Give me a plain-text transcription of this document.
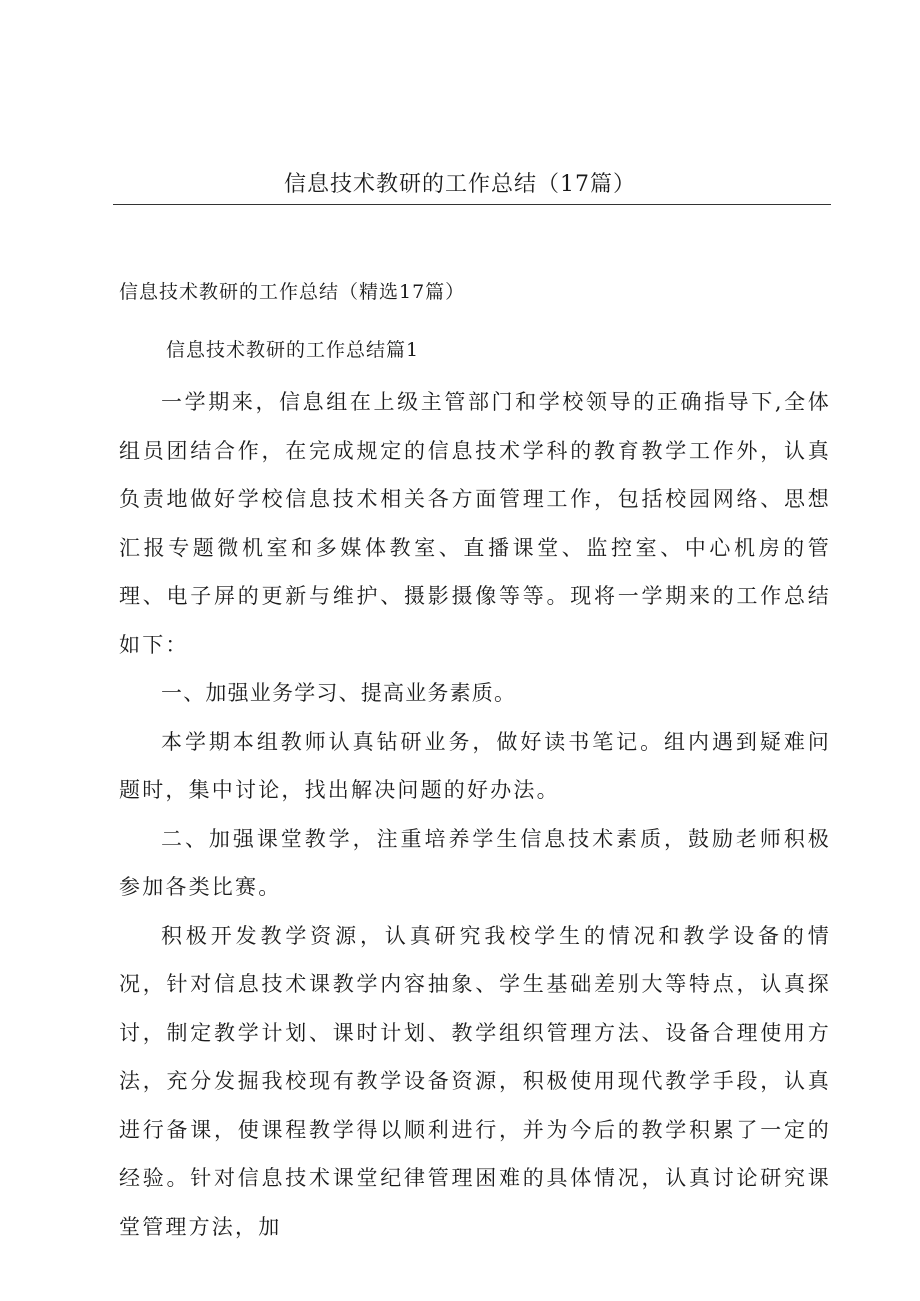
信息技术教研的工作总结（17篇）
信息技术教研的工作总结（精选17篇）
信息技术教研的工作总结篇1

一学期来，信息组在上级主管部门和学校领导的正确指导下,全体组员团结合作，在完成规定的信息技术学科的教育教学工作外，认真负责地做好学校信息技术相关各方面管理工作，包括校园网络、思想汇报专题微机室和多媒体教室、直播课堂、监控室、中心机房的管理、电子屏的更新与维护、摄影摄像等等。现将一学期来的工作总结如下：

一、加强业务学习、提高业务素质。

本学期本组教师认真钻研业务，做好读书笔记。组内遇到疑难问题时，集中讨论，找出解决问题的好办法。

二、加强课堂教学，注重培养学生信息技术素质，鼓励老师积极参加各类比赛。

积极开发教学资源，认真研究我校学生的情况和教学设备的情况，针对信息技术课教学内容抽象、学生基础差别大等特点，认真探讨，制定教学计划、课时计划、教学组织管理方法、设备合理使用方法，充分发掘我校现有教学设备资源，积极使用现代教学手段，认真进行备课，使课程教学得以顺利进行，并为今后的教学积累了一定的经验。针对信息技术课堂纪律管理困难的具体情况，认真讨论研究课堂管理方法，加
